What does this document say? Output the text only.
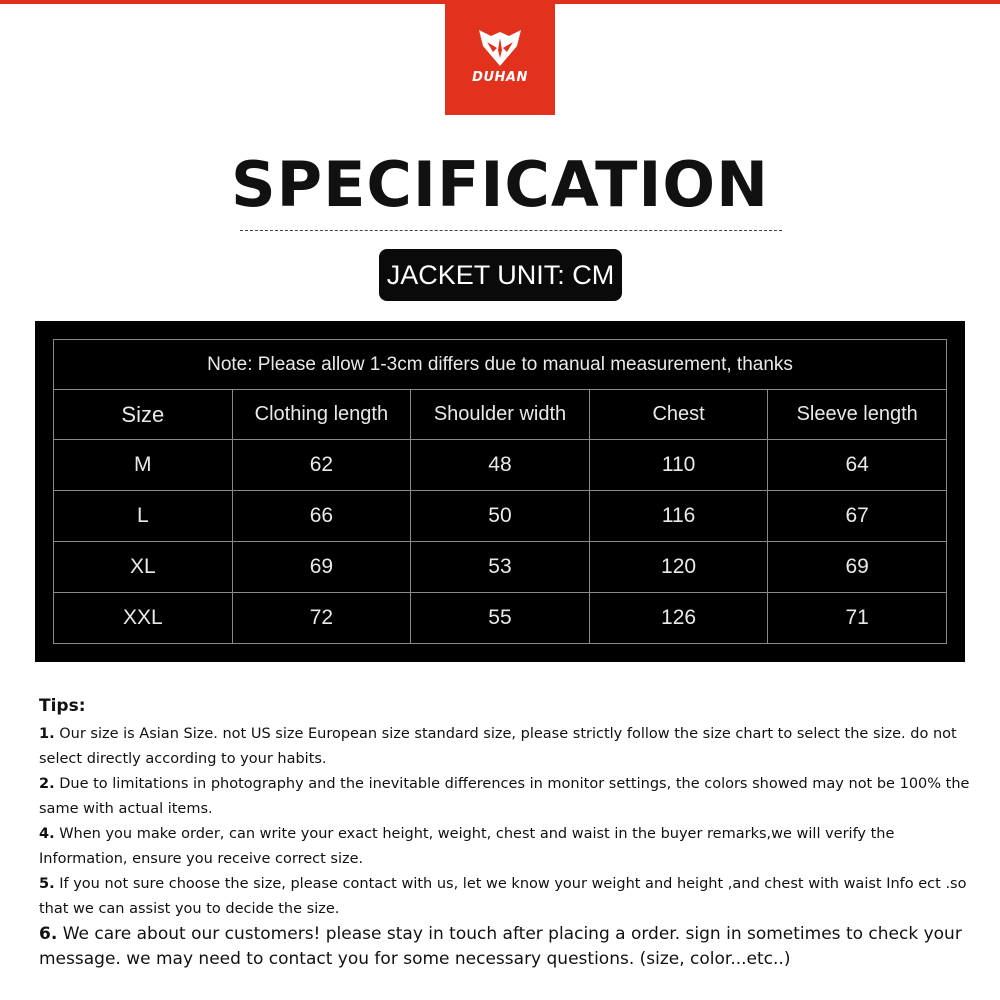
DUHAN
SPECIFICATION
JACKET UNIT: CM
Note: Please allow 1-3cm differs due to manual measurement, thanks				
Size	Clothing length	Shoulder width	Chest	Sleeve length
M	62	48	110	64
L	66	50	116	67
XL	69	53	120	69
XXL	72	55	126	71
Tips:

1. Our size is Asian Size. not US size European size standard size, please strictly follow the size chart to select the size. do not select directly according to your habits.

2. Due to limitations in photography and the inevitable differences in monitor settings, the colors showed may not be 100% the same with actual items.

4. When you make order, can write your exact height, weight, chest and waist in the buyer remarks,we will verify the Information, ensure you receive correct size.

5. If you not sure choose the size, please contact with us, let we know your weight and height ,and chest with waist Info ect .so that we can assist you to decide the size.

6. We care about our customers! please stay in touch after placing a order. sign in sometimes to check your message. we may need to contact you for some necessary questions. (size, color...etc..)
